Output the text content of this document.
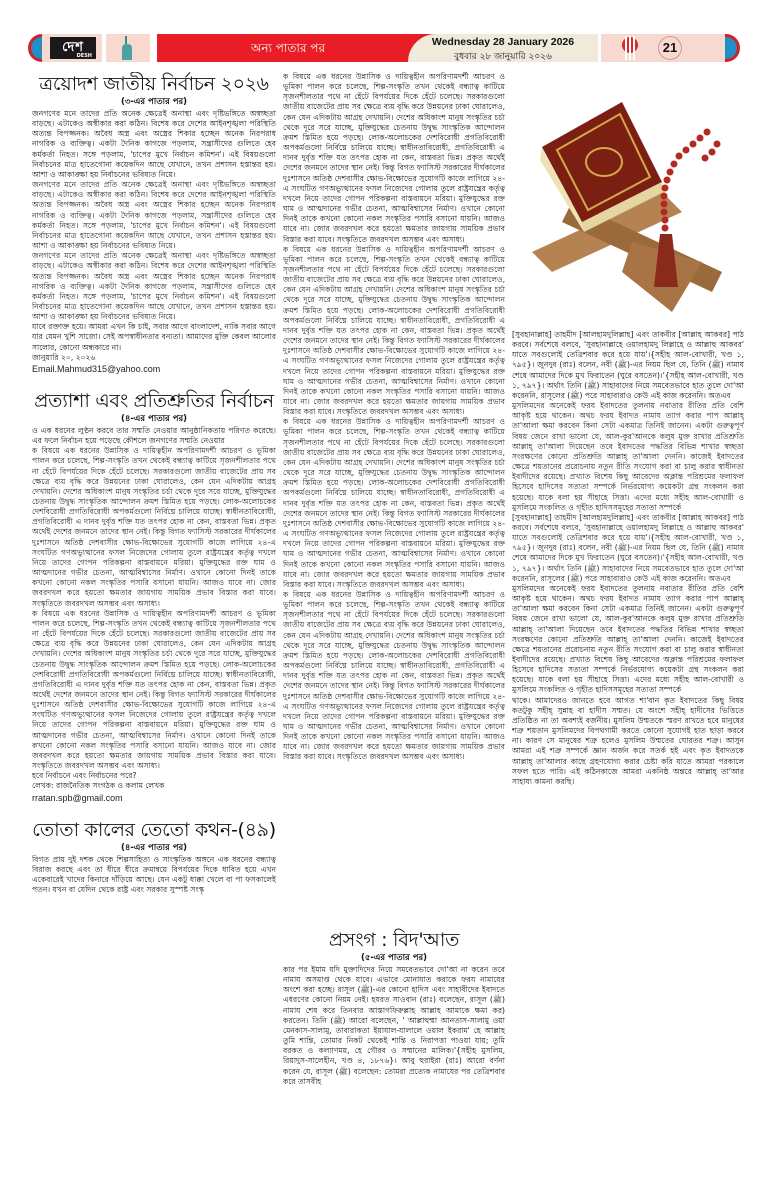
দেশ
DESH
অন্য পাতার পর	Wednesday 28 January 2026
বুধবার ২৮ জানুয়ারি ২০২৬
21
ত্রয়োদশ জাতীয় নির্বাচন ২০২৬
(৩-এর পাতার পর)
জনগণের মনে তাদের প্রতি অনেক ক্ষেত্রেই অনাস্থা এবং দৃষ্টিভঙ্গিতে অস্বচ্ছতা বাড়ছে। এটাকেও অস্বীকার করা কঠিন। বিশেষ করে দেশের আইনশৃঙ্খলা পরিস্থিতি অত্যন্ত বিপজ্জনক। অবৈধ অস্ত্র এবং অস্ত্রের শিকার হচ্ছেন অনেক নিরপরাধ নাগরিক ও ব্যক্তিত্ব। একটা দৈনিক কাগজে পড়লাম, সন্ত্রাসীদের গুলিতে হেব কর্মকর্তা নিহত। সঙ্গে পড়লাম, 'চাপের মুখে নির্বাচন কমিশন'। এই বিষয়গুলো নির্বাচনের মাত্র হাতেগোনা কয়েকদিন আছে যেখানে, তখন প্রশাসন হস্তান্তর হয়। আশা ও আকাঙ্ক্ষা হয় নির্বাচনের ভবিষ্যত নিয়ে।
জনগণের মনে তাদের প্রতি অনেক ক্ষেত্রেই অনাস্থা এবং দৃষ্টিভঙ্গিতে অস্বচ্ছতা বাড়ছে। এটাকেও অস্বীকার করা কঠিন। বিশেষ করে দেশের আইনশৃঙ্খলা পরিস্থিতি অত্যন্ত বিপজ্জনক। অবৈধ অস্ত্র এবং অস্ত্রের শিকার হচ্ছেন অনেক নিরপরাধ নাগরিক ও ব্যক্তিত্ব। একটা দৈনিক কাগজে পড়লাম, সন্ত্রাসীদের গুলিতে হেব কর্মকর্তা নিহত। সঙ্গে পড়লাম, 'চাপের মুখে নির্বাচন কমিশন'। এই বিষয়গুলো নির্বাচনের মাত্র হাতেগোনা কয়েকদিন আছে যেখানে, তখন প্রশাসন হস্তান্তর হয়। আশা ও আকাঙ্ক্ষা হয় নির্বাচনের ভবিষ্যত নিয়ে।
জনগণের মনে তাদের প্রতি অনেক ক্ষেত্রেই অনাস্থা এবং দৃষ্টিভঙ্গিতে অস্বচ্ছতা বাড়ছে। এটাকেও অস্বীকার করা কঠিন। বিশেষ করে দেশের আইনশৃঙ্খলা পরিস্থিতি অত্যন্ত বিপজ্জনক। অবৈধ অস্ত্র এবং অস্ত্রের শিকার হচ্ছেন অনেক নিরপরাধ নাগরিক ও ব্যক্তিত্ব। একটা দৈনিক কাগজে পড়লাম, সন্ত্রাসীদের গুলিতে হেব কর্মকর্তা নিহত। সঙ্গে পড়লাম, 'চাপের মুখে নির্বাচন কমিশন'। এই বিষয়গুলো নির্বাচনের মাত্র হাতেগোনা কয়েকদিন আছে যেখানে, তখন প্রশাসন হস্তান্তর হয়। আশা ও আকাঙ্ক্ষা হয় নির্বাচনের ভবিষ্যত নিয়ে।
যাবে রক্তাক্ত হয়ে। আমরা এখন কি চাই, সবার আগে বাংলাদেশ, নাকি সবার আগে যার যেমন খুশি সাজো। সেই অপস্বাধীনতার বন্যতা। আমাদের মুক্তি কেবল আলোর সালোর, কোনো অন্ধকারে না।
জানুয়ারি ২০, ২০২৬
Email.Mahmud315@yahoo.com
প্রত্যাশা এবং প্রতিশ্রুতির নির্বাচন
(৪-এর পাতার পর)
ও এক ধরনের লুণ্ঠন করবে তার সম্মতি নেওয়ার আনুষ্ঠানিকতায় পরিণত করেছে। এর ফলে নির্বাচন হয়ে পড়েছে কৌশলে জনগণের সম্মতি নেওয়ার
ক বিষয়ে এক ধরনের উন্নাসিক ও দায়িত্বহীন অপরিণামদর্শী আচরণ ও ভূমিকা পালন করে চলেছে, শিল্প-সংস্কৃতি তখন থেকেই বন্ধ্যাত্ব কাটিয়ে সৃজনশীলতার পথে না হেঁটে বিপর্যয়ের দিকে হেঁটে চলেছে। সরকারগুলো জাতীয় বাজেটের প্রায় সব ক্ষেত্রে ব্যয় বৃদ্ধি করে উন্নয়নের ঢাকা ঘোরালেও, কেন যেন এদিকটায় আগ্রহ দেখায়নি। দেশের অধিকাংশ মানুষ সংস্কৃতির চর্চা থেকে দূরে সরে যাচ্ছে, মুক্তিযুদ্ধের চেতনায় উদ্বুদ্ধ সাংস্কৃতিক আন্দোলন ক্রমশ স্তিমিত হয়ে পড়ছে। লোক-অলোচকের দেশবিরোধী প্রগতিবিরোধী অপকর্মগুলো নির্বিঘ্নে চালিয়ে যাচ্ছে। স্বাধীনতাবিরোধী, প্রগতিবিরোধী এ দানব দুর্বৃত্ত শক্তি যত তৎপর হোক না কেন, বাস্তবতা ভিন্ন। প্রকৃত অর্থেই দেশের জনমনে তাদের স্থান নেই। কিন্তু বিগত ফ্যাসিস্ট সরকারের দীর্ঘকালের দুঃশাসনে অতিষ্ঠ দেশবাসীর ক্ষোভ-বিক্ষোভের সুযোগটি কাজে লাগিয়ে ২৪-এ সংঘটিত গণঅভ্যুত্থানের ফসল নিজেদের গোলায় তুলে রাষ্ট্রযন্ত্রের কর্তৃত্ব দখলে নিয়ে তাদের গোপন পরিকল্পনা বাস্তবায়নে মরিয়া। মুক্তিযুদ্ধের রক্ত ঘাম ও আত্মদানের গভীর চেতনা, আত্মবিশ্বাসের নির্মাণ। ওখানে কোনো দিনই তাকে কখনো কোনো নকল সংস্কৃতির পসারি বসানো যায়নি। আজও যাবে না। জোর জবরদখল করে হয়তো ক্ষমতার জায়গায় সাময়িক প্রভাব বিস্তার করা যাবে। সংস্কৃতিতে জবরদখল অসম্ভব এবং অসাধ্য।
ক বিষয়ে এক ধরনের উন্নাসিক ও দায়িত্বহীন অপরিণামদর্শী আচরণ ও ভূমিকা পালন করে চলেছে, শিল্প-সংস্কৃতি তখন থেকেই বন্ধ্যাত্ব কাটিয়ে সৃজনশীলতার পথে না হেঁটে বিপর্যয়ের দিকে হেঁটে চলেছে। সরকারগুলো জাতীয় বাজেটের প্রায় সব ক্ষেত্রে ব্যয় বৃদ্ধি করে উন্নয়নের ঢাকা ঘোরালেও, কেন যেন এদিকটায় আগ্রহ দেখায়নি। দেশের অধিকাংশ মানুষ সংস্কৃতির চর্চা থেকে দূরে সরে যাচ্ছে, মুক্তিযুদ্ধের চেতনায় উদ্বুদ্ধ সাংস্কৃতিক আন্দোলন ক্রমশ স্তিমিত হয়ে পড়ছে। লোক-অলোচকের দেশবিরোধী প্রগতিবিরোধী অপকর্মগুলো নির্বিঘ্নে চালিয়ে যাচ্ছে। স্বাধীনতাবিরোধী, প্রগতিবিরোধী এ দানব দুর্বৃত্ত শক্তি যত তৎপর হোক না কেন, বাস্তবতা ভিন্ন। প্রকৃত অর্থেই দেশের জনমনে তাদের স্থান নেই। কিন্তু বিগত ফ্যাসিস্ট সরকারের দীর্ঘকালের দুঃশাসনে অতিষ্ঠ দেশবাসীর ক্ষোভ-বিক্ষোভের সুযোগটি কাজে লাগিয়ে ২৪-এ সংঘটিত গণঅভ্যুত্থানের ফসল নিজেদের গোলায় তুলে রাষ্ট্রযন্ত্রের কর্তৃত্ব দখলে নিয়ে তাদের গোপন পরিকল্পনা বাস্তবায়নে মরিয়া। মুক্তিযুদ্ধের রক্ত ঘাম ও আত্মদানের গভীর চেতনা, আত্মবিশ্বাসের নির্মাণ। ওখানে কোনো দিনই তাকে কখনো কোনো নকল সংস্কৃতির পসারি বসানো যায়নি। আজও যাবে না। জোর জবরদখল করে হয়তো ক্ষমতার জায়গায় সাময়িক প্রভাব বিস্তার করা যাবে। সংস্কৃতিতে জবরদখল অসম্ভব এবং অসাধ্য।
হবে নির্বাচনে এবং নির্বাচনের পরে?
লেখক: রাজনৈতিক সংগঠক ও কলাম লেখক
rratan.spb@gmail.com
তোতা কালের তেতো কথন-(৪৯)
(৪-এর পাতার পর)
বিগত প্রায় দুই দশক থেকে শিল্পসাহিত্য ও সাংস্কৃতিক অঙ্গনে এক ধরনের বন্ধ্যাত্ব বিরাজ করছে এবং তা ধীরে ধীরে ক্রমান্বয়ে বিপর্যয়ের দিকে ধাবিত হয়ে এখন একেবারেই খাদের কিনারে দাঁড়িয়ে আছে। যেন একটু ধাক্কা খেলে বা পা ফসকালেই পতন। যখন বা যেদিন থেকে রাষ্ট্র এবং সরকার সুস্পষ্ট সংস্কৃ
ক বিষয়ে এক ধরনের উন্নাসিক ও দায়িত্বহীন অপরিণামদর্শী আচরণ ও ভূমিকা পালন করে চলেছে, শিল্প-সংস্কৃতি তখন থেকেই বন্ধ্যাত্ব কাটিয়ে সৃজনশীলতার পথে না হেঁটে বিপর্যয়ের দিকে হেঁটে চলেছে। সরকারগুলো জাতীয় বাজেটের প্রায় সব ক্ষেত্রে ব্যয় বৃদ্ধি করে উন্নয়নের ঢাকা ঘোরালেও, কেন যেন এদিকটায় আগ্রহ দেখায়নি। দেশের অধিকাংশ মানুষ সংস্কৃতির চর্চা থেকে দূরে সরে যাচ্ছে, মুক্তিযুদ্ধের চেতনায় উদ্বুদ্ধ সাংস্কৃতিক আন্দোলন ক্রমশ স্তিমিত হয়ে পড়ছে। লোক-অলোচকের দেশবিরোধী প্রগতিবিরোধী অপকর্মগুলো নির্বিঘ্নে চালিয়ে যাচ্ছে। স্বাধীনতাবিরোধী, প্রগতিবিরোধী এ দানব দুর্বৃত্ত শক্তি যত তৎপর হোক না কেন, বাস্তবতা ভিন্ন। প্রকৃত অর্থেই দেশের জনমনে তাদের স্থান নেই। কিন্তু বিগত ফ্যাসিস্ট সরকারের দীর্ঘকালের দুঃশাসনে অতিষ্ঠ দেশবাসীর ক্ষোভ-বিক্ষোভের সুযোগটি কাজে লাগিয়ে ২৪-এ সংঘটিত গণঅভ্যুত্থানের ফসল নিজেদের গোলায় তুলে রাষ্ট্রযন্ত্রের কর্তৃত্ব দখলে নিয়ে তাদের গোপন পরিকল্পনা বাস্তবায়নে মরিয়া। মুক্তিযুদ্ধের রক্ত ঘাম ও আত্মদানের গভীর চেতনা, আত্মবিশ্বাসের নির্মাণ। ওখানে কোনো দিনই তাকে কখনো কোনো নকল সংস্কৃতির পসারি বসানো যায়নি। আজও যাবে না। জোর জবরদখল করে হয়তো ক্ষমতার জায়গায় সাময়িক প্রভাব বিস্তার করা যাবে। সংস্কৃতিতে জবরদখল অসম্ভব এবং অসাধ্য।
ক বিষয়ে এক ধরনের উন্নাসিক ও দায়িত্বহীন অপরিণামদর্শী আচরণ ও ভূমিকা পালন করে চলেছে, শিল্প-সংস্কৃতি তখন থেকেই বন্ধ্যাত্ব কাটিয়ে সৃজনশীলতার পথে না হেঁটে বিপর্যয়ের দিকে হেঁটে চলেছে। সরকারগুলো জাতীয় বাজেটের প্রায় সব ক্ষেত্রে ব্যয় বৃদ্ধি করে উন্নয়নের ঢাকা ঘোরালেও, কেন যেন এদিকটায় আগ্রহ দেখায়নি। দেশের অধিকাংশ মানুষ সংস্কৃতির চর্চা থেকে দূরে সরে যাচ্ছে, মুক্তিযুদ্ধের চেতনায় উদ্বুদ্ধ সাংস্কৃতিক আন্দোলন ক্রমশ স্তিমিত হয়ে পড়ছে। লোক-অলোচকের দেশবিরোধী প্রগতিবিরোধী অপকর্মগুলো নির্বিঘ্নে চালিয়ে যাচ্ছে। স্বাধীনতাবিরোধী, প্রগতিবিরোধী এ দানব দুর্বৃত্ত শক্তি যত তৎপর হোক না কেন, বাস্তবতা ভিন্ন। প্রকৃত অর্থেই দেশের জনমনে তাদের স্থান নেই। কিন্তু বিগত ফ্যাসিস্ট সরকারের দীর্ঘকালের দুঃশাসনে অতিষ্ঠ দেশবাসীর ক্ষোভ-বিক্ষোভের সুযোগটি কাজে লাগিয়ে ২৪-এ সংঘটিত গণঅভ্যুত্থানের ফসল নিজেদের গোলায় তুলে রাষ্ট্রযন্ত্রের কর্তৃত্ব দখলে নিয়ে তাদের গোপন পরিকল্পনা বাস্তবায়নে মরিয়া। মুক্তিযুদ্ধের রক্ত ঘাম ও আত্মদানের গভীর চেতনা, আত্মবিশ্বাসের নির্মাণ। ওখানে কোনো দিনই তাকে কখনো কোনো নকল সংস্কৃতির পসারি বসানো যায়নি। আজও যাবে না। জোর জবরদখল করে হয়তো ক্ষমতার জায়গায় সাময়িক প্রভাব বিস্তার করা যাবে। সংস্কৃতিতে জবরদখল অসম্ভব এবং অসাধ্য।
ক বিষয়ে এক ধরনের উন্নাসিক ও দায়িত্বহীন অপরিণামদর্শী আচরণ ও ভূমিকা পালন করে চলেছে, শিল্প-সংস্কৃতি তখন থেকেই বন্ধ্যাত্ব কাটিয়ে সৃজনশীলতার পথে না হেঁটে বিপর্যয়ের দিকে হেঁটে চলেছে। সরকারগুলো জাতীয় বাজেটের প্রায় সব ক্ষেত্রে ব্যয় বৃদ্ধি করে উন্নয়নের ঢাকা ঘোরালেও, কেন যেন এদিকটায় আগ্রহ দেখায়নি। দেশের অধিকাংশ মানুষ সংস্কৃতির চর্চা থেকে দূরে সরে যাচ্ছে, মুক্তিযুদ্ধের চেতনায় উদ্বুদ্ধ সাংস্কৃতিক আন্দোলন ক্রমশ স্তিমিত হয়ে পড়ছে। লোক-অলোচকের দেশবিরোধী প্রগতিবিরোধী অপকর্মগুলো নির্বিঘ্নে চালিয়ে যাচ্ছে। স্বাধীনতাবিরোধী, প্রগতিবিরোধী এ দানব দুর্বৃত্ত শক্তি যত তৎপর হোক না কেন, বাস্তবতা ভিন্ন। প্রকৃত অর্থেই দেশের জনমনে তাদের স্থান নেই। কিন্তু বিগত ফ্যাসিস্ট সরকারের দীর্ঘকালের দুঃশাসনে অতিষ্ঠ দেশবাসীর ক্ষোভ-বিক্ষোভের সুযোগটি কাজে লাগিয়ে ২৪-এ সংঘটিত গণঅভ্যুত্থানের ফসল নিজেদের গোলায় তুলে রাষ্ট্রযন্ত্রের কর্তৃত্ব দখলে নিয়ে তাদের গোপন পরিকল্পনা বাস্তবায়নে মরিয়া। মুক্তিযুদ্ধের রক্ত ঘাম ও আত্মদানের গভীর চেতনা, আত্মবিশ্বাসের নির্মাণ। ওখানে কোনো দিনই তাকে কখনো কোনো নকল সংস্কৃতির পসারি বসানো যায়নি। আজও যাবে না। জোর জবরদখল করে হয়তো ক্ষমতার জায়গায় সাময়িক প্রভাব বিস্তার করা যাবে। সংস্কৃতিতে জবরদখল অসম্ভব এবং অসাধ্য।
ক বিষয়ে এক ধরনের উন্নাসিক ও দায়িত্বহীন অপরিণামদর্শী আচরণ ও ভূমিকা পালন করে চলেছে, শিল্প-সংস্কৃতি তখন থেকেই বন্ধ্যাত্ব কাটিয়ে সৃজনশীলতার পথে না হেঁটে বিপর্যয়ের দিকে হেঁটে চলেছে। সরকারগুলো জাতীয় বাজেটের প্রায় সব ক্ষেত্রে ব্যয় বৃদ্ধি করে উন্নয়নের ঢাকা ঘোরালেও, কেন যেন এদিকটায় আগ্রহ দেখায়নি। দেশের অধিকাংশ মানুষ সংস্কৃতির চর্চা থেকে দূরে সরে যাচ্ছে, মুক্তিযুদ্ধের চেতনায় উদ্বুদ্ধ সাংস্কৃতিক আন্দোলন ক্রমশ স্তিমিত হয়ে পড়ছে। লোক-অলোচকের দেশবিরোধী প্রগতিবিরোধী অপকর্মগুলো নির্বিঘ্নে চালিয়ে যাচ্ছে। স্বাধীনতাবিরোধী, প্রগতিবিরোধী এ দানব দুর্বৃত্ত শক্তি যত তৎপর হোক না কেন, বাস্তবতা ভিন্ন। প্রকৃত অর্থেই দেশের জনমনে তাদের স্থান নেই। কিন্তু বিগত ফ্যাসিস্ট সরকারের দীর্ঘকালের দুঃশাসনে অতিষ্ঠ দেশবাসীর ক্ষোভ-বিক্ষোভের সুযোগটি কাজে লাগিয়ে ২৪-এ সংঘটিত গণঅভ্যুত্থানের ফসল নিজেদের গোলায় তুলে রাষ্ট্রযন্ত্রের কর্তৃত্ব দখলে নিয়ে তাদের গোপন পরিকল্পনা বাস্তবায়নে মরিয়া। মুক্তিযুদ্ধের রক্ত ঘাম ও আত্মদানের গভীর চেতনা, আত্মবিশ্বাসের নির্মাণ। ওখানে কোনো দিনই তাকে কখনো কোনো নকল সংস্কৃতির পসারি বসানো যায়নি। আজও যাবে না। জোর জবরদখল করে হয়তো ক্ষমতার জায়গায় সাময়িক প্রভাব বিস্তার করা যাবে। সংস্কৃতিতে জবরদখল অসম্ভব এবং অসাধ্য।
প্রসংগ : বিদ'আত
(৫-এর পাতার পর)
কার পর ইমাম যদি মুক্তাদিদের নিয়ে সমবেতভাবে দো'আ না করেন তবে নামায অসমাপ্ত থেকে যাবে। এভাবে মোনাযাত করাকে ফরয নামাযের অংশে করা হচ্ছে। রাসূল (ﷺ)-এর কোনো হাদিস এবং সাহাবীদের ইবাদতে এধরণের কোনো নিয়ম নেই। হযরত সাওবান (রাঃ) বলেছেন, রাসূল (ﷺ) নামায শেষ করে তিনবার আস্তাগফিরুল্লাহ আল্লাহ আমাকে ক্ষমা কর) করতেন। তিনি (ﷺ) আরো বলেছেন, ' আল্লাহুম্মা আনতাস-সালামু ওয়া মেনকাস-সালামু, তাবারাকতা ইয়াযাল-যালালে ওয়াল ইকরাম' হে আল্লাহ তুমি শান্তি, তোমার নিকট থেকেই শান্তি ও নিরাপত্তা পাওয়া যায়; তুমি বরকত ও কল্যাণময়, হে গৌরব ও সম্মানের মালিক।'{সহীহ মুসলিম, রিয়াদুস-সালেহীন, খণ্ড ৪, ১৮৭৬}। আবু হুরাইরা (রাঃ) আরো বর্ণনা করেন যে, রাসূল (ﷺ) বলেছেন: তোমরা প্রত্যেক নামাযের পর তেত্রিশবার করে তাসবীহ
[সুবহানাল্লাহ] তাহমীদ [আলহামদুলিল্লাহ] এবং তাকবীর [আল্লাহ আকবর] পাঠ করবে। সর্বশেষে বলবে, 'সুবহানাল্লাহে ওয়ালহামদু লিল্লাহে ও আল্লাহু আকবর' যাতে সবগুলোই তেত্রিশবার করে হয়ে যায়'।{সহীহ আল-বোখারী, খণ্ড ১, ৭৯৫}। জুনদুব (রাঃ) বলেন, নবী (ﷺ)-এর নিয়ম ছিল যে, তিনি (ﷺ) নামায শেষে আমাদের দিকে মুখ ফিরাতেন (ঘুরে বসতেন)।'{সহীহ আল-বোখারী, খণ্ড ১, ৭৯৭}। অর্থাৎ তিনি (ﷺ) সাহাবাদের নিয়ে সমবেতভাবে হাত তুলে দো'আ করেননি, রাসূলের (ﷺ) পরে সাহাবারাও কেউ এই কাজ করেননি। অতএব
মুসলিমদের অনেকেই ফরয ইবাদতের তুলনায় নবাতার রীতির প্রতি বেশি আকৃষ্ট হয়ে থাকেন। অথচ ফরয ইবাদত নামায ত্যাগ করার পাপ আল্লাহ্ তা'আলা ক্ষমা করবেন কিনা সেটা একমাত্র তিনিই জানেন। একটা গুরুত্বপূর্ণ বিষয় জেনে রাখা ভালো যে, আল-কুর'আনকে কলুষ মুক্ত রাখার প্রতিশ্রুতি আল্লাহ্ তা'আলা দিয়েছেন তবে ইবাদতের পদ্ধতির বিভিন্ন শাখার স্বচ্ছতা সংরক্ষণের কোনো প্রতিশ্রুতি আল্লাহ্ তা'আলা দেননি। কাজেই ইবাদতের ক্ষেত্রে শয়তানের প্ররোচনায় নতুন রীতি সংযোগ করা বা চালু করার স্বাধীনতা ইবাদীদের রয়েছে। প্রখ্যাত বিশেষ কিছু আবেদের অক্লান্ত পরিশ্রমের ফলাফল হিসেবে হাদিসের সত্যতা সম্পর্কে নির্ভরযোগ্য কয়েকটা গ্রন্থ সংকলন করা হয়েছে। যাকে বলা হয় সীহাহে সিত্তা। এদের মধ্যে সহীহ আল-বোখারী ও মুসলিমে সংকলিত ও গৃহীত হাদিসসমূহের সত্যতা সম্পর্কে
[সুবহানাল্লাহ] তাহমীদ [আলহামদুলিল্লাহ] এবং তাকবীর [আল্লাহ আকবর] পাঠ করবে। সর্বশেষে বলবে, 'সুবহানাল্লাহে ওয়ালহামদু লিল্লাহে ও আল্লাহু আকবর' যাতে সবগুলোই তেত্রিশবার করে হয়ে যায়'।{সহীহ আল-বোখারী, খণ্ড ১, ৭৯৫}। জুনদুব (রাঃ) বলেন, নবী (ﷺ)-এর নিয়ম ছিল যে, তিনি (ﷺ) নামায শেষে আমাদের দিকে মুখ ফিরাতেন (ঘুরে বসতেন)।'{সহীহ আল-বোখারী, খণ্ড ১, ৭৯৭}। অর্থাৎ তিনি (ﷺ) সাহাবাদের নিয়ে সমবেতভাবে হাত তুলে দো'আ করেননি, রাসূলের (ﷺ) পরে সাহাবারাও কেউ এই কাজ করেননি। অতএব
মুসলিমদের অনেকেই ফরয ইবাদতের তুলনায় নবাতার রীতির প্রতি বেশি আকৃষ্ট হয়ে থাকেন। অথচ ফরয ইবাদত নামায ত্যাগ করার পাপ আল্লাহ্ তা'আলা ক্ষমা করবেন কিনা সেটা একমাত্র তিনিই জানেন। একটা গুরুত্বপূর্ণ বিষয় জেনে রাখা ভালো যে, আল-কুর'আনকে কলুষ মুক্ত রাখার প্রতিশ্রুতি আল্লাহ্ তা'আলা দিয়েছেন তবে ইবাদতের পদ্ধতির বিভিন্ন শাখার স্বচ্ছতা সংরক্ষণের কোনো প্রতিশ্রুতি আল্লাহ্ তা'আলা দেননি। কাজেই ইবাদতের ক্ষেত্রে শয়তানের প্ররোচনায় নতুন রীতি সংযোগ করা বা চালু করার স্বাধীনতা ইবাদীদের রয়েছে। প্রখ্যাত বিশেষ কিছু আবেদের অক্লান্ত পরিশ্রমের ফলাফল হিসেবে হাদিসের সত্যতা সম্পর্কে নির্ভরযোগ্য কয়েকটা গ্রন্থ সংকলন করা হয়েছে। যাকে বলা হয় সীহাহে সিত্তা। এদের মধ্যে সহীহ আল-বোখারী ও মুসলিমে সংকলিত ও গৃহীত হাদিসসমূহের সত্যতা সম্পর্কে
থাকে। আমাদেরও জানতে হবে আগত শা'বান কৃত ইবাদতের কিছু বিষয় কতটুকু সহীহ্ সুন্নাহ বা হাদীস সম্মত। যে অংশে সহীহ্ হাদীসের ভিত্তিতে প্রতিষ্ঠিত না তা অবশ্যই বর্জনীয়। মুসলিম উম্মতকে স্মরণ রাখতে হবে মানুষের শত্রু শয়তান মুসলিমদের বিপথগামী করতে কোনো সুযোগই হাত ছাড়া করবে না। কারণ সে মানুষের শত্রু হলেও মুসলিম উম্মতের ঘোরতর শত্রু। আসুন আমরা এই শত্রু সম্পর্কে জ্ঞান অর্জন করে সতর্ক হই এবং কৃত ইবাদতকে আল্লাহ্ তা'আলার কাছে গ্রহণযোগ্য করার চেষ্টা করি যাতে আমরা পরকালে সফল হতে পারি। এই কঠিনকাজে আমরা একনিষ্ঠ অন্তরে আল্লাহ্ তা'আর সাহায্য কামনা করছি।
